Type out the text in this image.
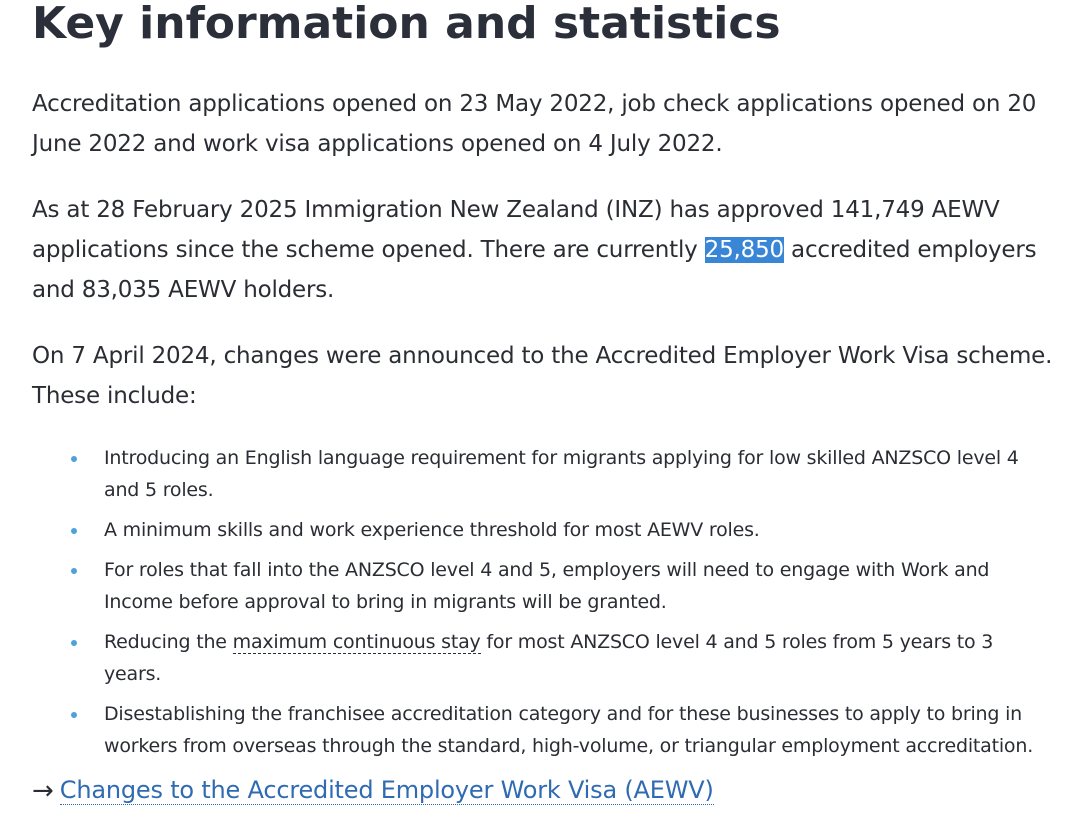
Key information and statistics

Accreditation applications opened on 23 May 2022, job check applications opened on 20 June 2022 and work visa applications opened on 4 July 2022.

As at 28 February 2025 Immigration New Zealand (INZ) has approved 141,749 AEWV applications since the scheme opened. There are currently 25,850 accredited employers and 83,035 AEWV holders.

On 7 April 2024, changes were announced to the Accredited Employer Work Visa scheme. These include:

Introducing an English language requirement for migrants applying for low skilled ANZSCO level 4 and 5 roles.
A minimum skills and work experience threshold for most AEWV roles.
For roles that fall into the ANZSCO level 4 and 5, employers will need to engage with Work and Income before approval to bring in migrants will be granted.
Reducing the maximum continuous stay for most ANZSCO level 4 and 5 roles from 5 years to 3 years.
Disestablishing the franchisee accreditation category and for these businesses to apply to bring in workers from overseas through the standard, high-volume, or triangular employment accreditation.
→ Changes to the Accredited Employer Work Visa (AEWV)
